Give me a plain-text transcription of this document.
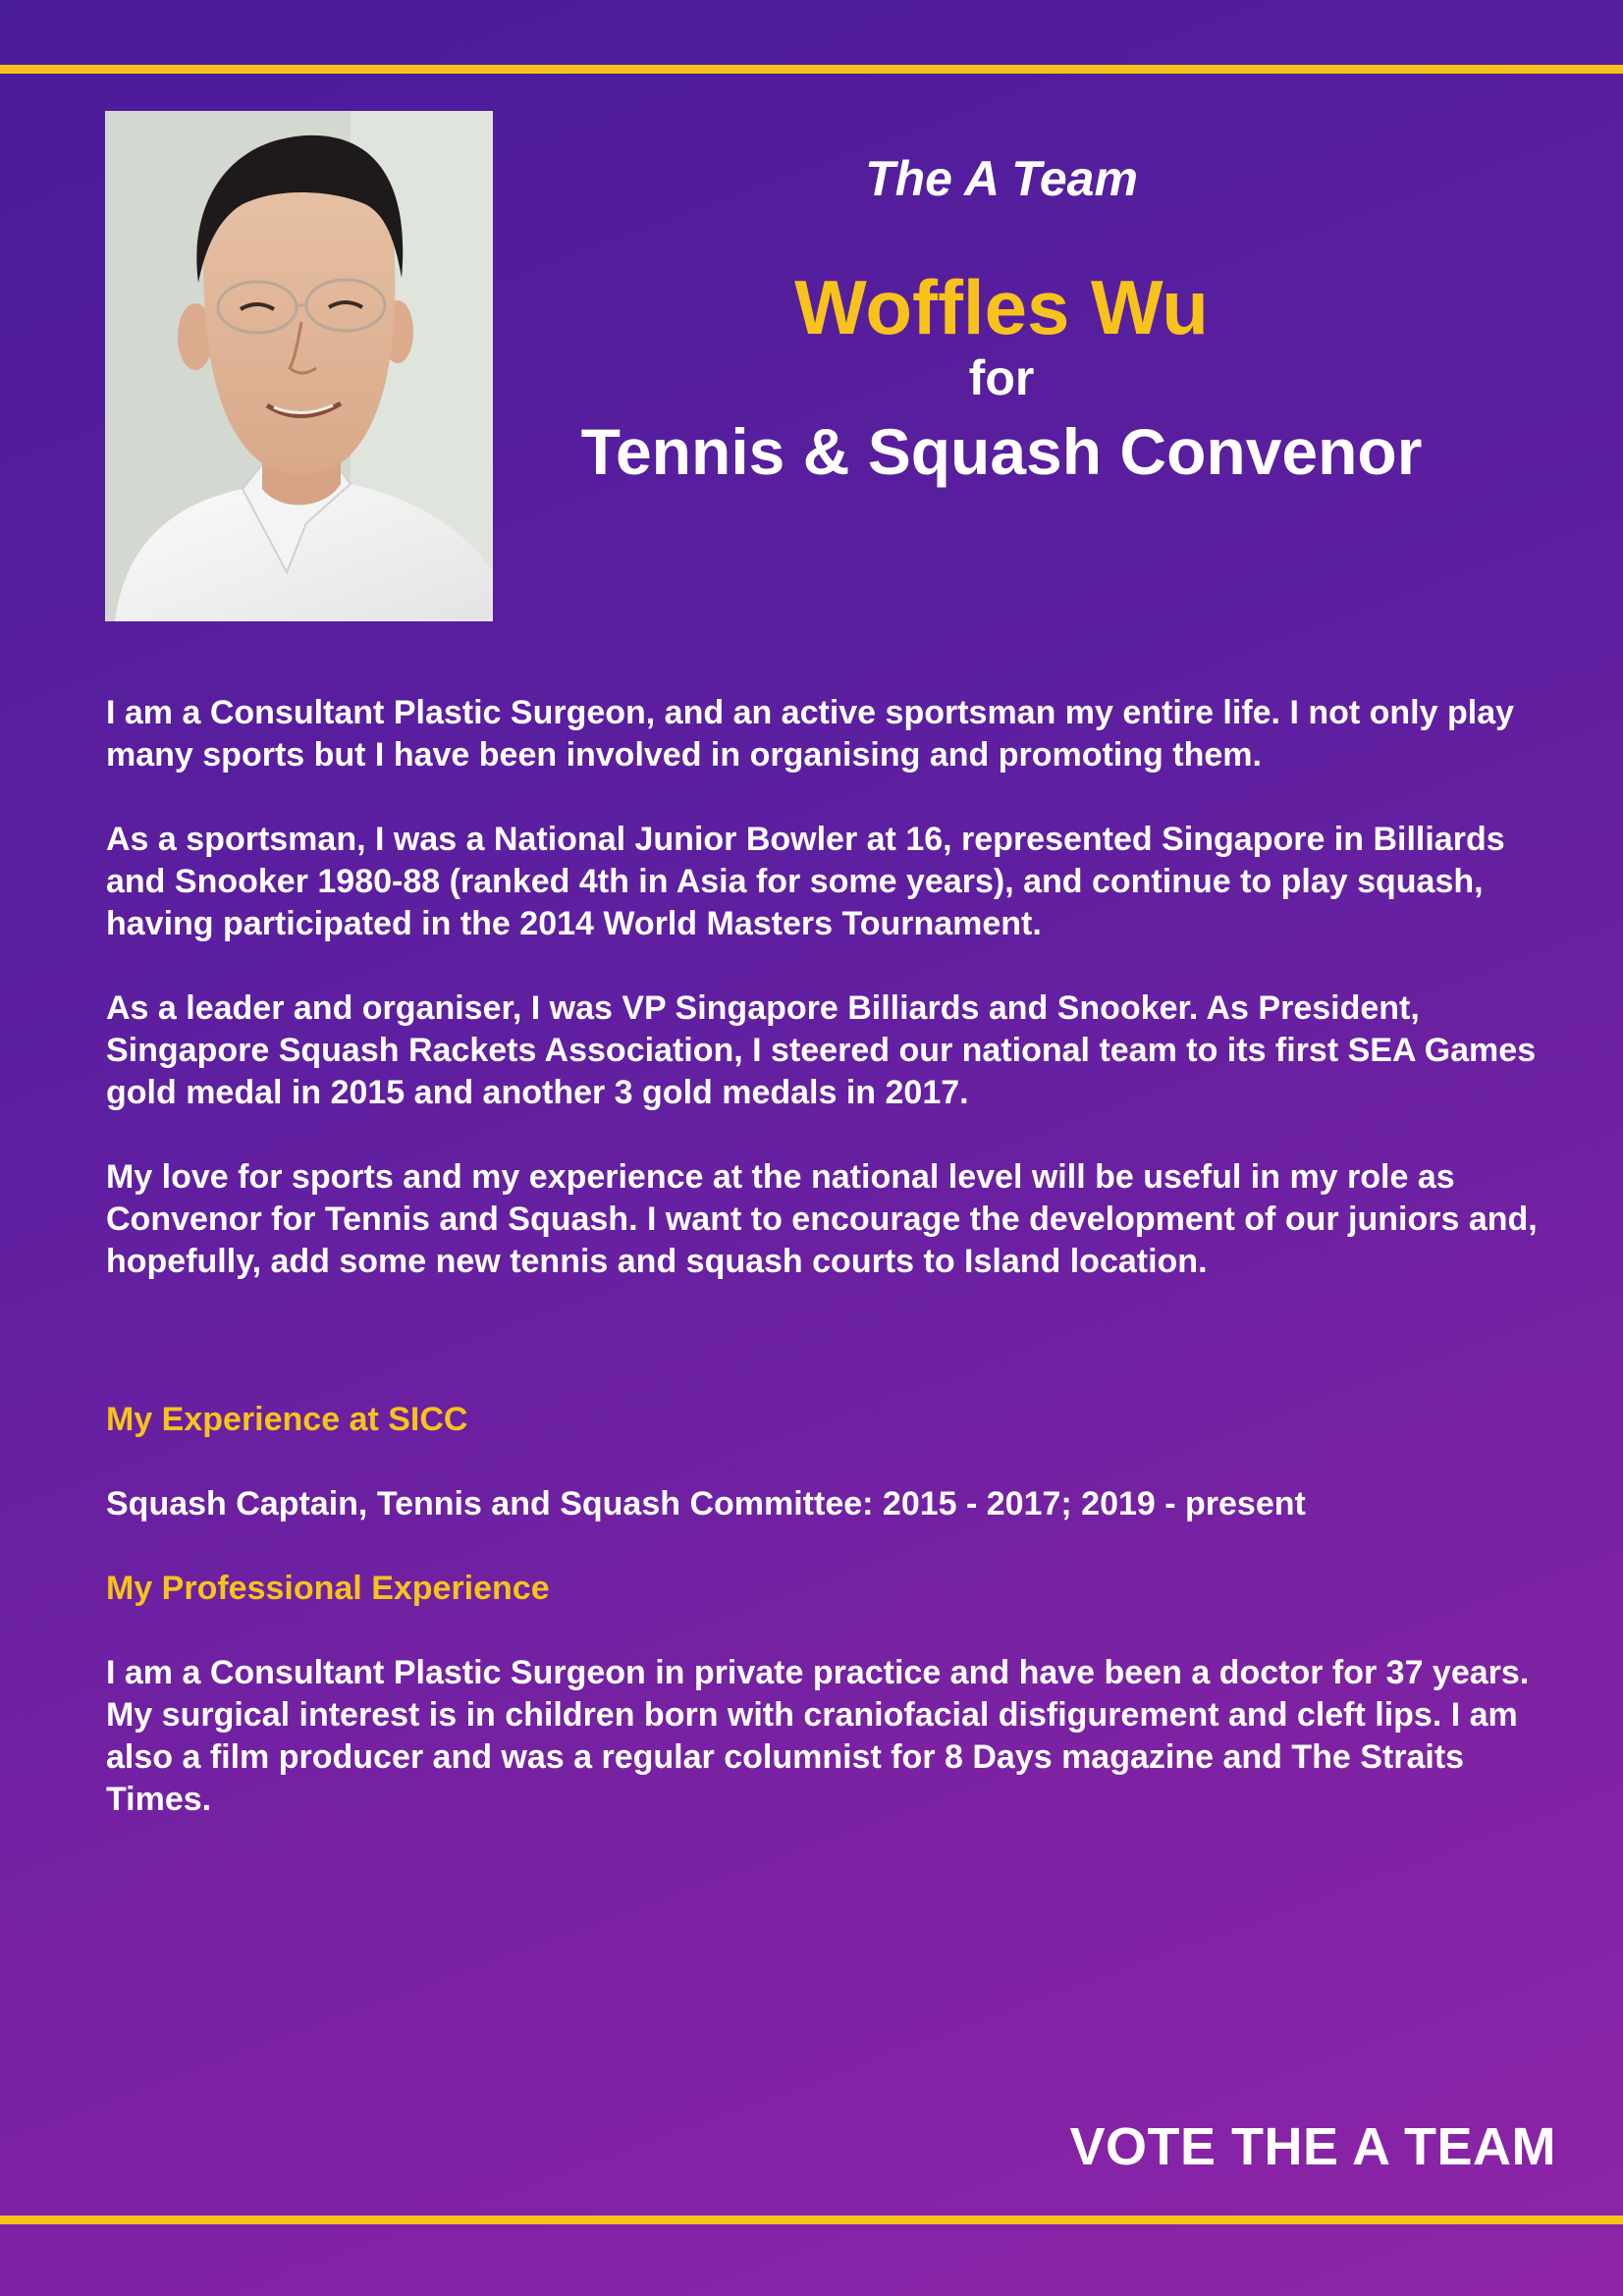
The A Team
Woffles Wu
for
Tennis & Squash Convenor

I am a Consultant Plastic Surgeon, and an active sportsman my entire life. I not only play many sports but I have been involved in organising and promoting them.

As a sportsman, I was a National Junior Bowler at 16, represented Singapore in Billiards and Snooker 1980-88 (ranked 4th in Asia for some years), and continue to play squash, having participated in the 2014 World Masters Tournament.

As a leader and organiser, I was VP Singapore Billiards and Snooker. As President, Singapore Squash Rackets Association, I steered our national team to its first SEA Games gold medal in 2015 and another 3 gold medals in 2017.

My love for sports and my experience at the national level will be useful in my role as Convenor for Tennis and Squash. I want to encourage the development of our juniors and, hopefully, add some new tennis and squash courts to Island location.

My Experience at SICC

Squash Captain, Tennis and Squash Committee: 2015 - 2017; 2019 - present

My Professional Experience

I am a Consultant Plastic Surgeon in private practice and have been a doctor for 37 years. My surgical interest is in children born with craniofacial disfigurement and cleft lips. I am also a film producer and was a regular columnist for 8 Days magazine and The Straits Times.

VOTE THE A TEAM
